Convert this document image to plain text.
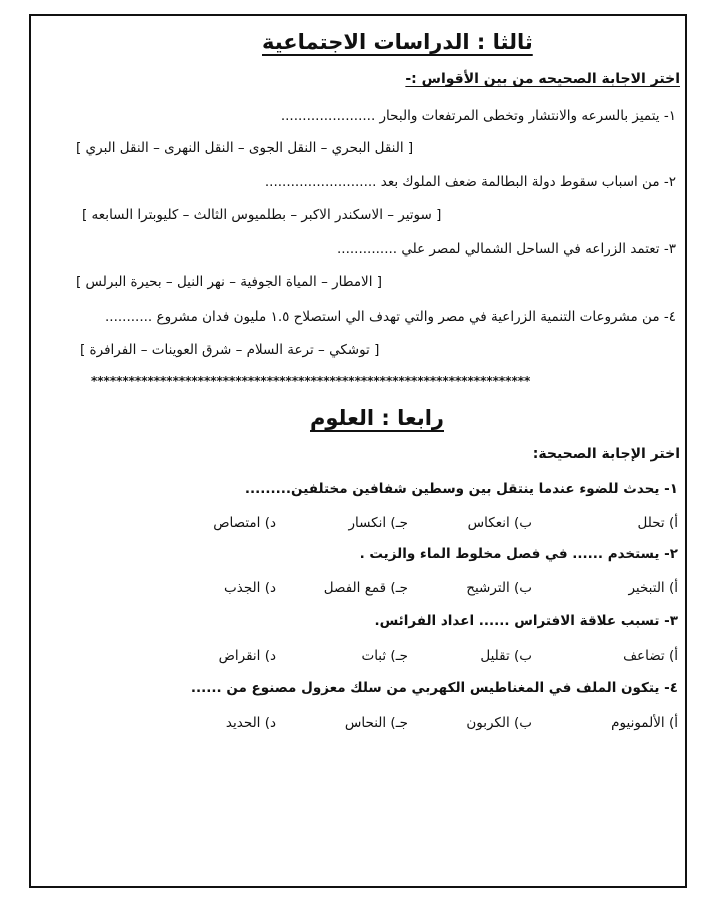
ثالثا : الدراسات الاجتماعية
اختر الاجابة الصحيحه من بين الأقواس :-
١- يتميز بالسرعه والانتشار وتخطى المرتفعات والبحار ......................
[ النقل البحري – النقل الجوى – النقل النهرى – النقل البري ]
٢- من اسباب سقوط دولة البطالمة ضعف الملوك بعد ..........................
[ سوتير – الاسكندر الاكبر – بطلميوس الثالث – كليوبترا السابعه ]
٣- تعتمد الزراعه في الساحل الشمالي لمصر علي ..............
[ الامطار – المياة الجوفية – نهر النيل – بحيرة البرلس ]
٤- من مشروعات التنمية الزراعية في مصر والتي تهدف الي استصلاح ١.٥ مليون فدان مشروع ...........
[ توشكي – ترعة السلام – شرق العوينات – الفرافرة ]
**********************************************************************
رابعا : العلوم
اختر الإجابة الصحيحة:
١- يحدث للضوء عندما ينتقل بين وسطين شفافين مختلفين.........
أ) تحلل
ب) انعكاس
جـ) انكسار
د) امتصاص
٢- يستخدم ...... في فصل مخلوط الماء والزيت .
أ) التبخير
ب) الترشيح
جـ) قمع الفصل
د) الجذب
٣- تسبب علاقة الافتراس ...... اعداد الفرائس.
أ) تضاعف
ب) تقليل
جـ) ثبات
د) انقراض
٤- يتكون الملف في المغناطيس الكهربي من سلك معزول مصنوع من ......
أ) الألمونيوم
ب) الكربون
جـ) النحاس
د) الحديد
